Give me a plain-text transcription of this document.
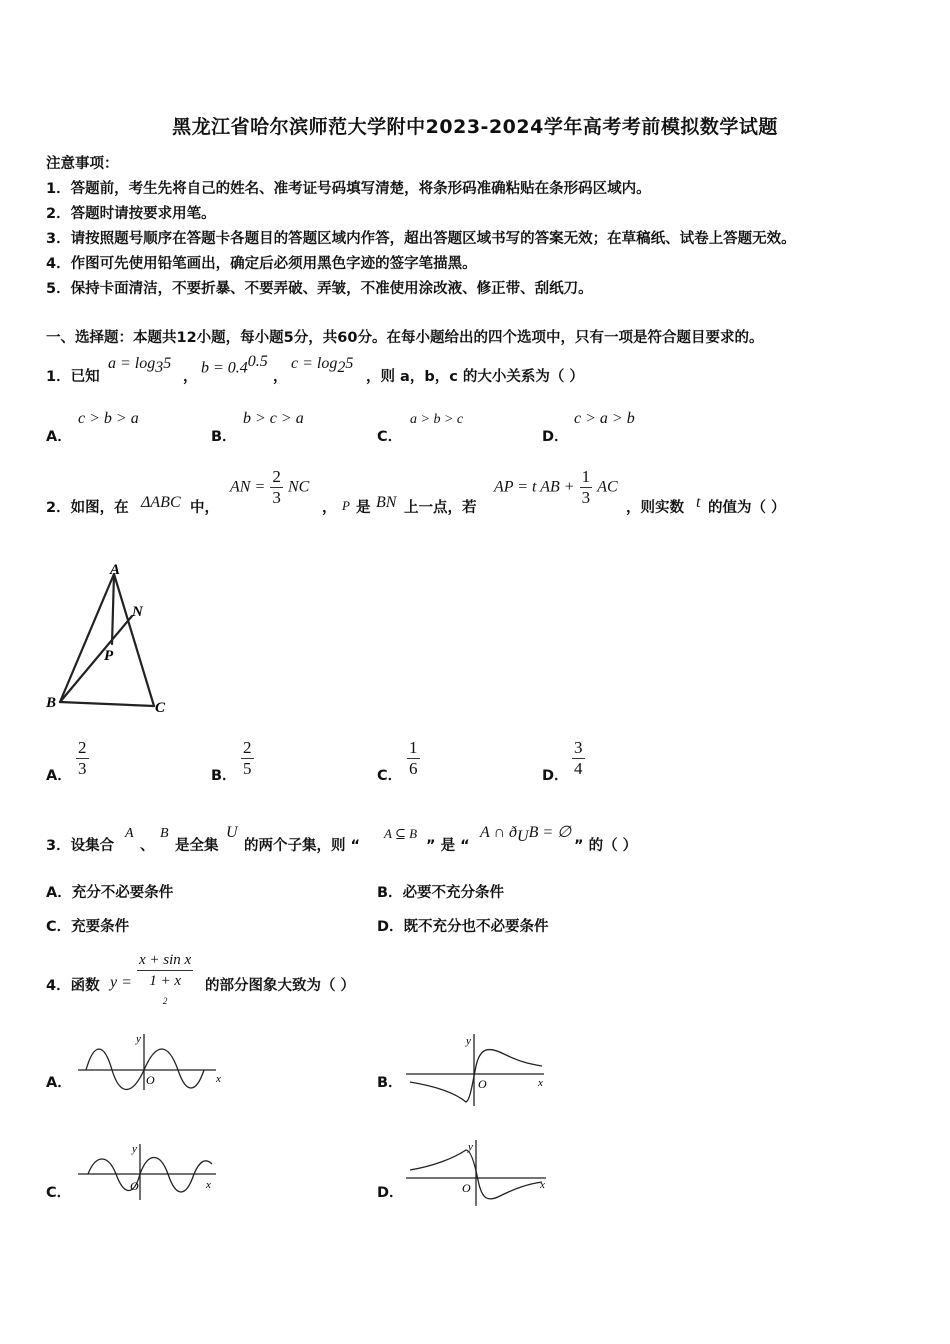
黑龙江省哈尔滨师范大学附中2023-2024学年高考考前模拟数学试题
注意事项：
1．答题前，考生先将自己的姓名、准考证号码填写清楚，将条形码准确粘贴在条形码区域内。
2．答题时请按要求用笔。
3．请按照题号顺序在答题卡各题目的答题区域内作答，超出答题区域书写的答案无效；在草稿纸、试卷上答题无效。
4．作图可先使用铅笔画出，确定后必须用黑色字迹的签字笔描黑。
5．保持卡面清洁，不要折暴、不要弄破、弄皱，不准使用涂改液、修正带、刮纸刀。
一、选择题：本题共12小题，每小题5分，共60分。在每小题给出的四个选项中，只有一项是符合题目要求的。
1．已知
$a = \log_35$
，
$b = 0.4^{0.5}$
，
$c = \log_25$
，则 a，b，c 的大小关系为（ ）
A．
c > b > a
B．
b > c > a
C．
a > b > c
D．
c > a > b
2．如图，在 ΔABC 中，
AN = $\frac{2}{3}$ NC
， P 是 BN 上一点，若
AP = t AB + $\frac{1}{3}$ AC
，则实数 t 的值为（ ）
A
B	C
N
P
A． $\frac{2}{3}$	B． $\frac{2}{5}$	C． $\frac{1}{6}$	D． $\frac{3}{4}$
3．设集合
A
、
B
是全集
U
的两个子集，则 “
A ⊆ B
” 是 “
A ∩ $ð_UB$ = ∅
” 的（ ）
A．充分不必要条件	B．必要不充分条件
C．充要条件	D．既不充分也不必要条件
4．函数 y = x + sin x
1 + x
$^2$ 的部分图象大致为（ ）
A．	x
y
O	B．	x
y
O
C．	x
y
O	D．	x
y
O
